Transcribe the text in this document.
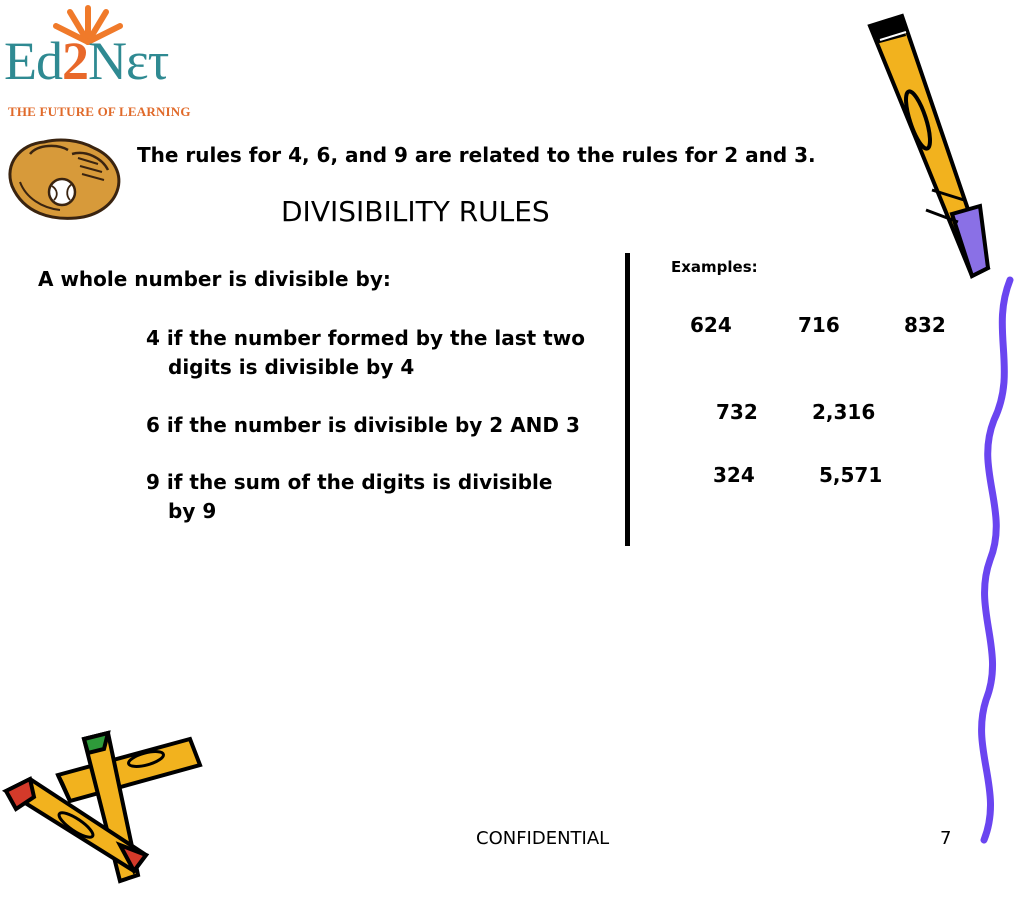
Ed2Nετ
THE FUTURE OF LEARNING
The rules for 4, 6, and 9 are related to the rules for 2 and 3.
DIVISIBILITY RULES
A whole number is divisible by:
4 if the number formed by the last two
digits is divisible by 4
6 if the number is divisible by 2 AND 3
9 if the sum of the digits is divisible
by 9
Examples:
624	716	832
732	2,316
324	5,571
CONFIDENTIAL	7
